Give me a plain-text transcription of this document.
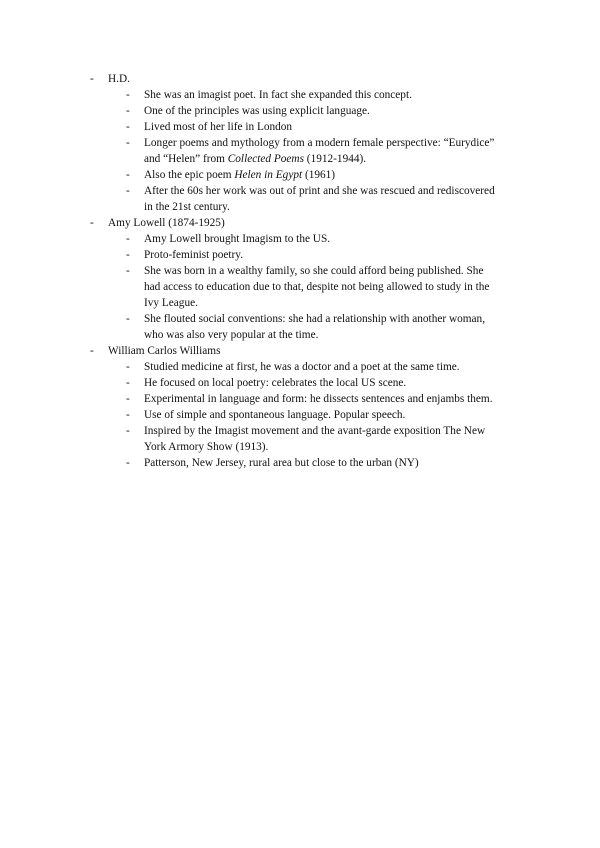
-	H.D.
-	She was an imagist poet. In fact she expanded this concept.
-	One of the principles was using explicit language.
-	Lived most of her life in London
-	Longer poems and mythology from a modern female perspective: “Eurydice”
and “Helen” from Collected Poems (1912-1944).
-	Also the epic poem Helen in Egypt (1961)
-	After the 60s her work was out of print and she was rescued and rediscovered
in the 21st century.
-	Amy Lowell (1874-1925)
-	Amy Lowell brought Imagism to the US.
-	Proto-feminist poetry.
-	She was born in a wealthy family, so she could afford being published. She
had access to education due to that, despite not being allowed to study in the
Ivy League.
-	She flouted social conventions: she had a relationship with another woman,
who was also very popular at the time.
-	William Carlos Williams
-	Studied medicine at first, he was a doctor and a poet at the same time.
-	He focused on local poetry: celebrates the local US scene.
-	Experimental in language and form: he dissects sentences and enjambs them.
-	Use of simple and spontaneous language. Popular speech.
-	Inspired by the Imagist movement and the avant-garde exposition The New
York Armory Show (1913).
-	Patterson, New Jersey, rural area but close to the urban (NY)
